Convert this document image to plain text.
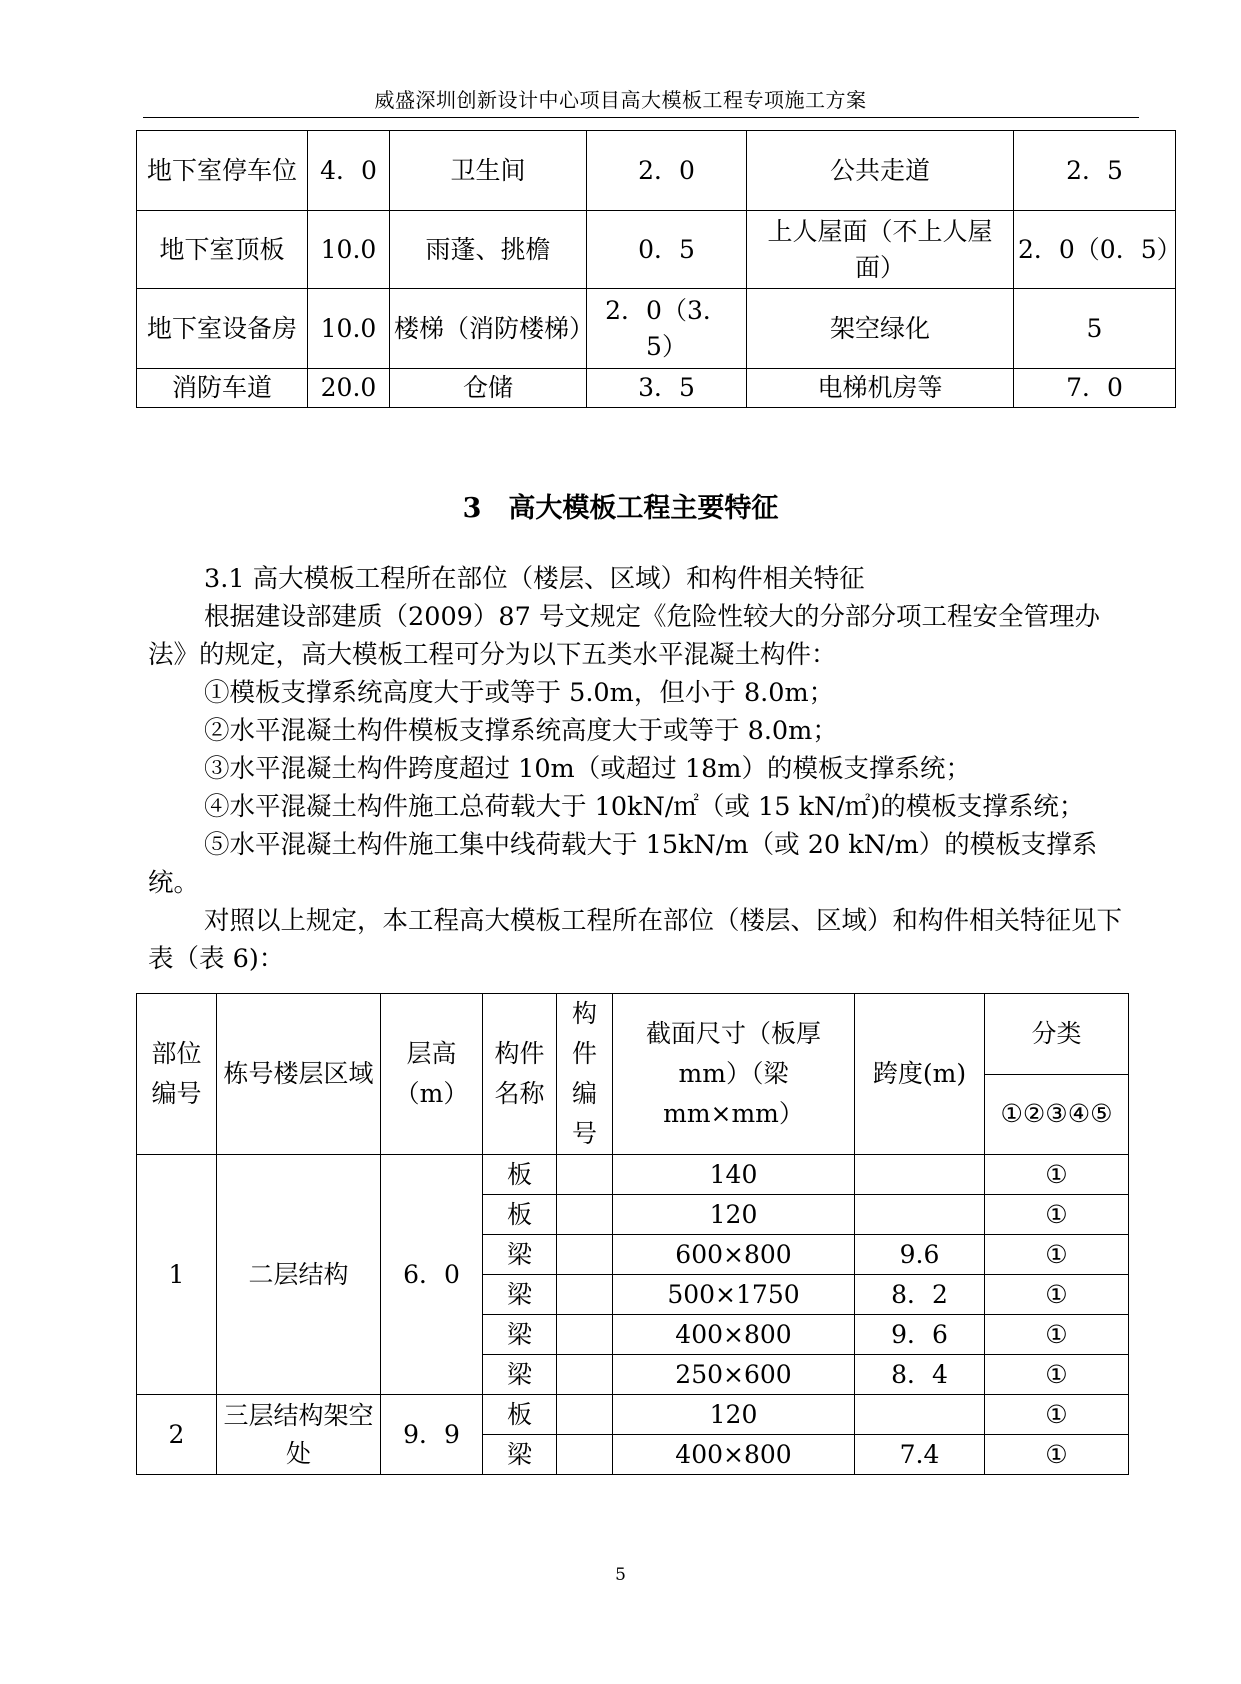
威盛深圳创新设计中心项目高大模板工程专项施工方案
地下室停车位	4．0	卫生间	2．0	公共走道	2．5
地下室顶板	10.0	雨蓬、挑檐	0．5	上人屋面（不上人屋面）	2．0（0．5）
地下室设备房	10.0	楼梯（消防楼梯）	2．0（3．5）	架空绿化	5
消防车道	20.0	仓储	3．5	电梯机房等	7．0
3　高大模板工程主要特征

3.1 高大模板工程所在部位（楼层、区域）和构件相关特征

根据建设部建质（2009）87 号文规定《危险性较大的分部分项工程安全管理办法》的规定，高大模板工程可分为以下五类水平混凝土构件：

①模板支撑系统高度大于或等于 5.0m，但小于 8.0m；

②水平混凝土构件模板支撑系统高度大于或等于 8.0m；

③水平混凝土构件跨度超过 10m（或超过 18m）的模板支撑系统；

④水平混凝土构件施工总荷载大于 10kN/㎡（或 15 kN/㎡)的模板支撑系统；

⑤水平混凝土构件施工集中线荷载大于 15kN/m（或 20 kN/m）的模板支撑系统。

对照以上规定，本工程高大模板工程所在部位（楼层、区域）和构件相关特征见下表（表 6)：

部位编号	栋号楼层区域	层高（m）	构件名称	构件编号	截面尺寸（板厚 mm）（梁 mm×mm）	跨度(m)	分类
							①②③④⑤
1	二层结构	6．0	板		140		①
			板		120		①
			梁		600×800	9.6	①
			梁		500×1750	8．2	①
			梁		400×800	9．6	①
			梁		250×600	8．4	①
2	三层结构架空处	9．9	板		120		①
			梁		400×800	7.4	①
5
